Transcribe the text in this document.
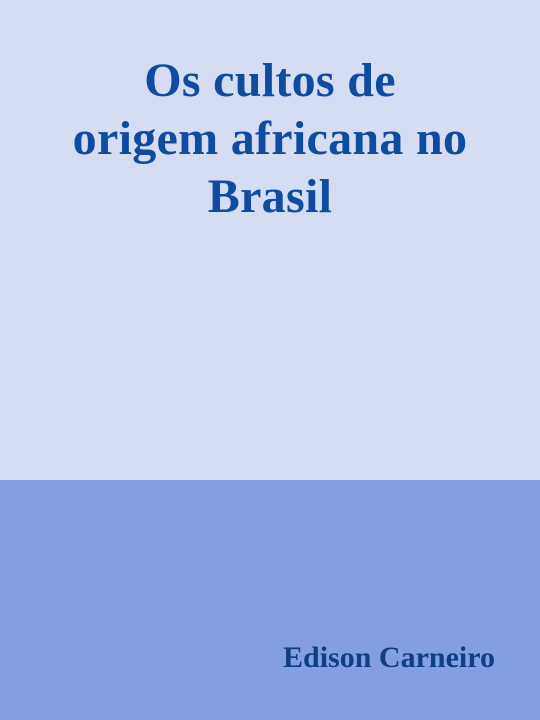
Os cultos de
origem africana no
Brasil

Edison Carneiro
